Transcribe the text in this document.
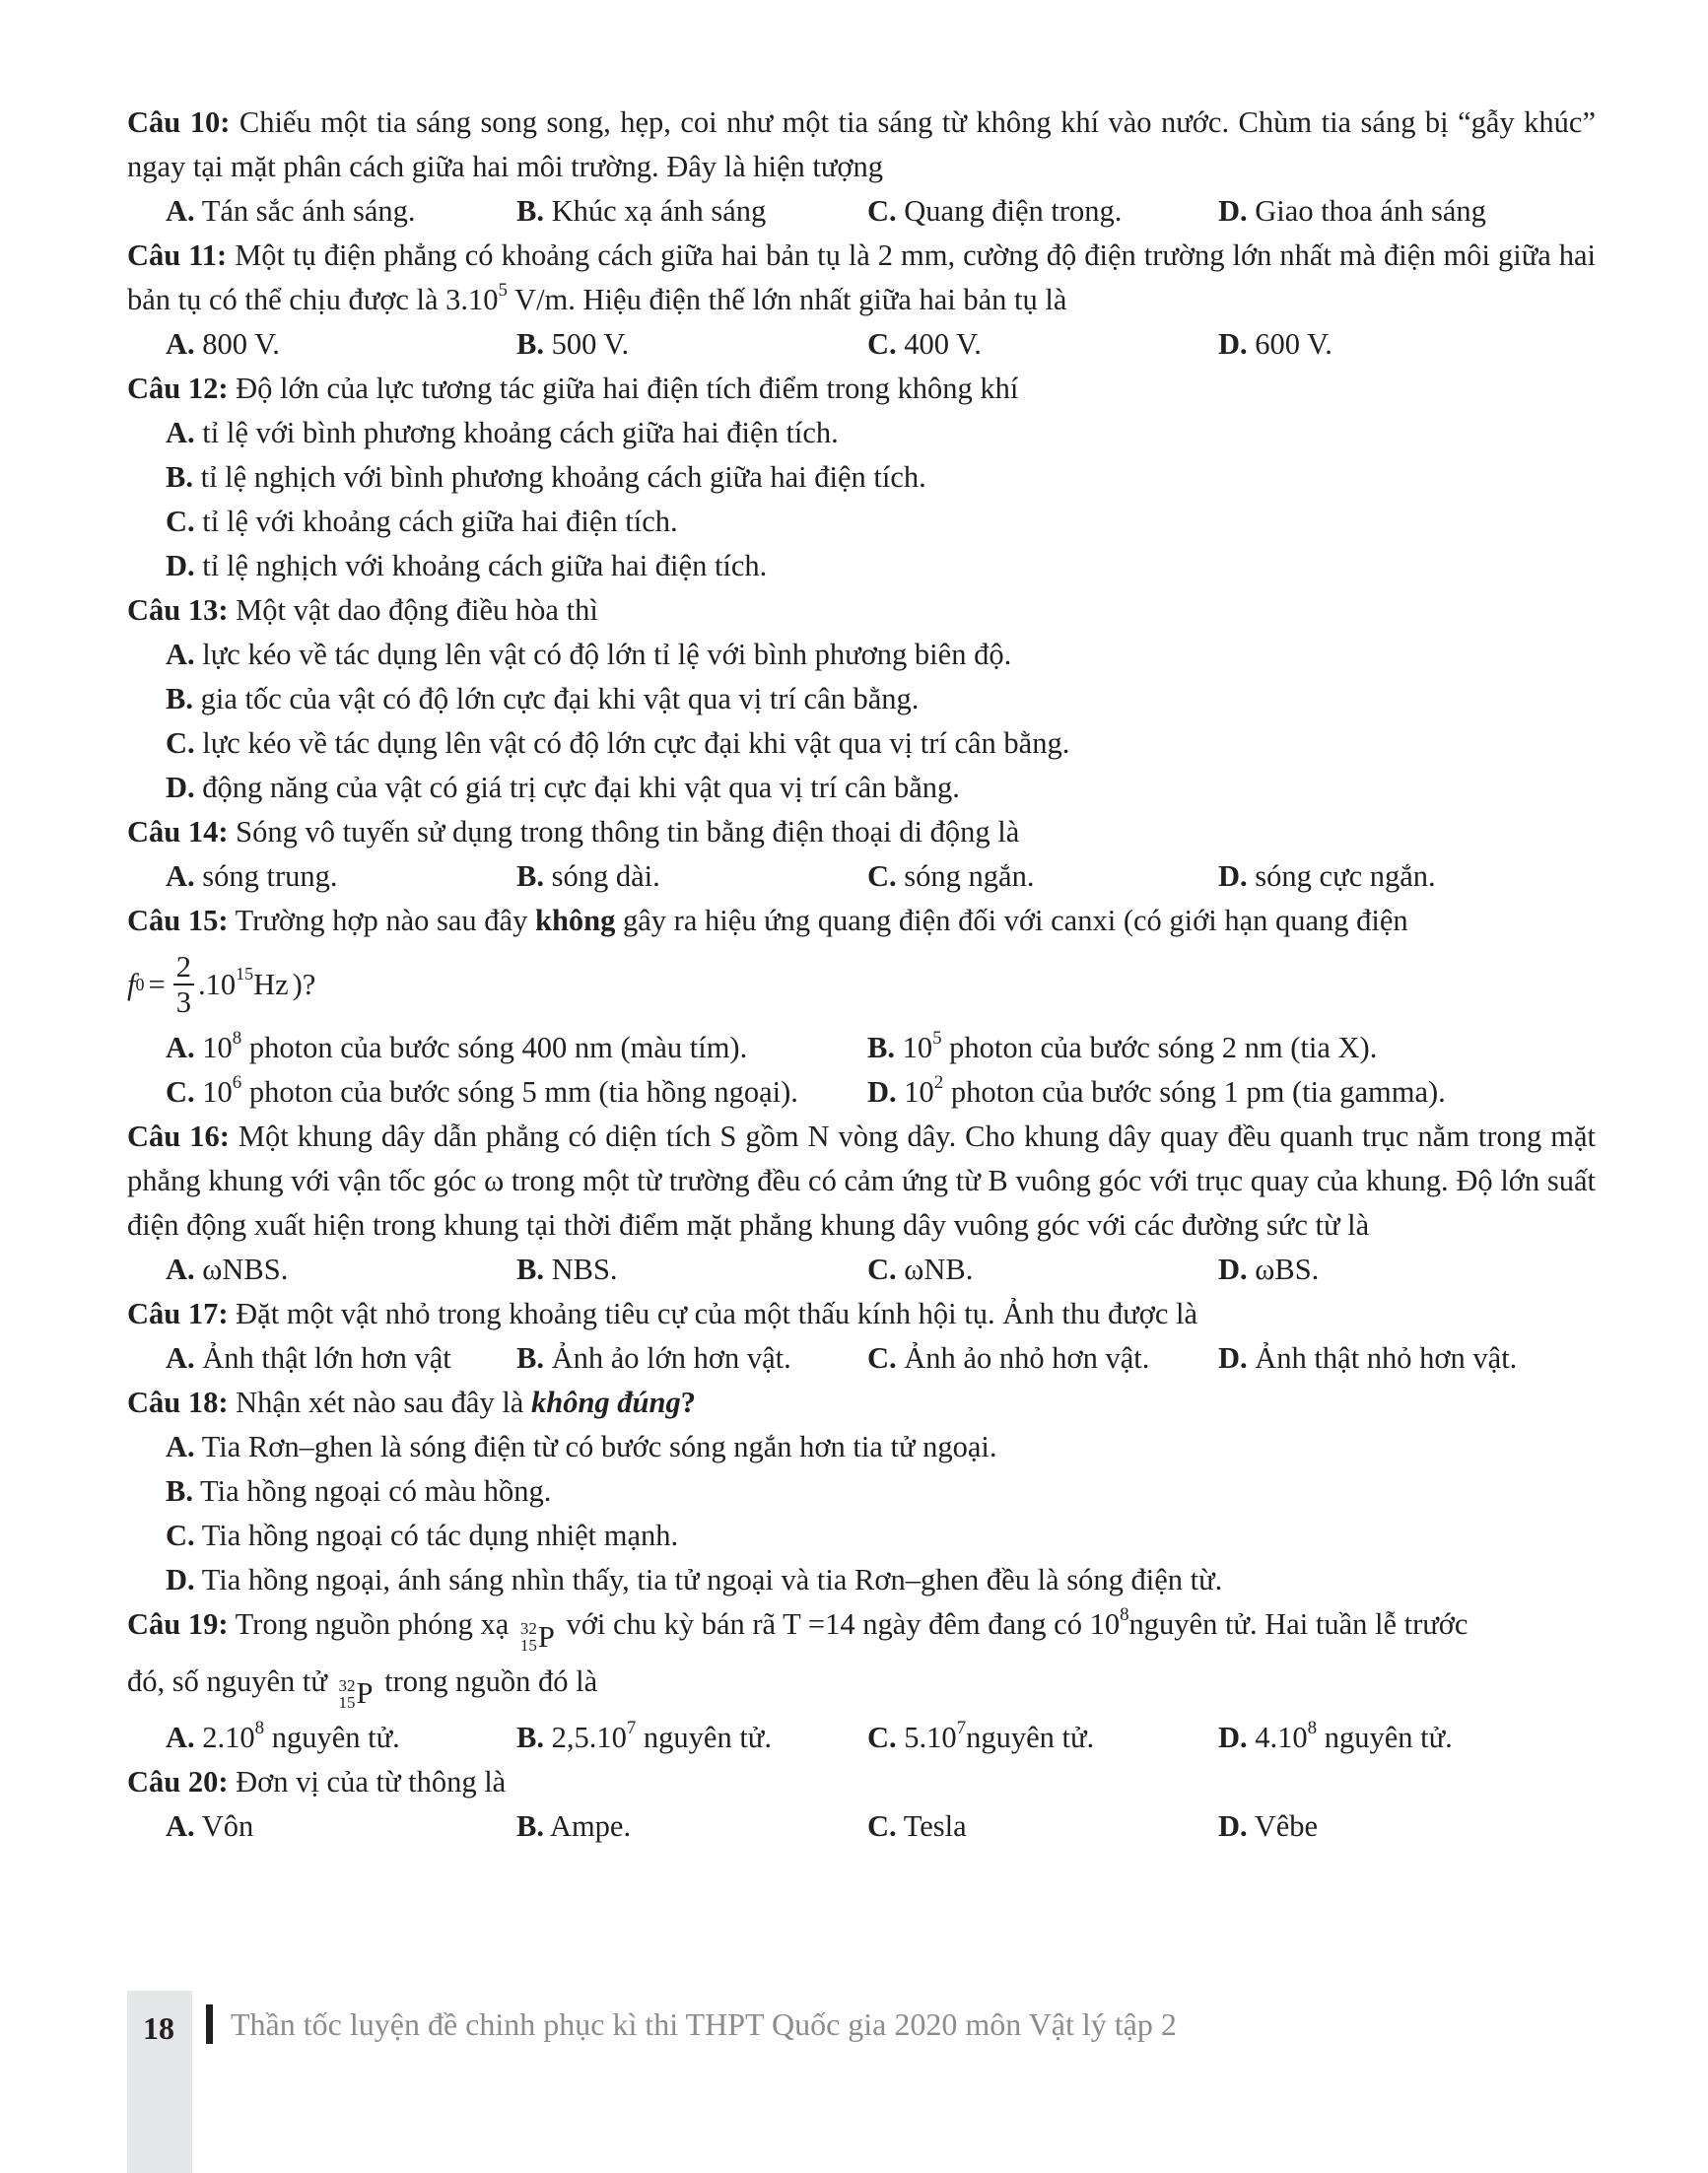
Câu 10: Chiếu một tia sáng song song, hẹp, coi như một tia sáng từ không khí vào nước. Chùm tia sáng bị “gẫy khúc” ngay tại mặt phân cách giữa hai môi trường. Đây là hiện tượng
A. Tán sắc ánh sáng.	B. Khúc xạ ánh sáng	C. Quang điện trong.	D. Giao thoa ánh sáng
Câu 11: Một tụ điện phẳng có khoảng cách giữa hai bản tụ là 2 mm, cường độ điện trường lớn nhất mà điện môi giữa hai bản tụ có thể chịu được là 3.10$^5$ V/m. Hiệu điện thế lớn nhất giữa hai bản tụ là
A. 800 V.	B. 500 V.	C. 400 V.	D. 600 V.
Câu 12: Độ lớn của lực tương tác giữa hai điện tích điểm trong không khí
A. tỉ lệ với bình phương khoảng cách giữa hai điện tích.
B. tỉ lệ nghịch với bình phương khoảng cách giữa hai điện tích.
C. tỉ lệ với khoảng cách giữa hai điện tích.
D. tỉ lệ nghịch với khoảng cách giữa hai điện tích.
Câu 13: Một vật dao động điều hòa thì
A. lực kéo về tác dụng lên vật có độ lớn tỉ lệ với bình phương biên độ.
B. gia tốc của vật có độ lớn cực đại khi vật qua vị trí cân bằng.
C. lực kéo về tác dụng lên vật có độ lớn cực đại khi vật qua vị trí cân bằng.
D. động năng của vật có giá trị cực đại khi vật qua vị trí cân bằng.
Câu 14: Sóng vô tuyến sử dụng trong thông tin bằng điện thoại di động là
A. sóng trung.	B. sóng dài.	C. sóng ngắn.	D. sóng cực ngắn.
Câu 15: Trường hợp nào sau đây không gây ra hiệu ứng quang điện đối với canxi (có giới hạn quang điện
f $0 = \frac{2}{3} .10^{15}$ Hz )?
A. $10^8$ photon của bước sóng 400 nm (màu tím).	B. $10^5$ photon của bước sóng 2 nm (tia X).
C. $10^6$ photon của bước sóng 5 mm (tia hồng ngoại).	D. $10^2$ photon của bước sóng 1 pm (tia gamma).
Câu 16: Một khung dây dẫn phẳng có diện tích S gồm N vòng dây. Cho khung dây quay đều quanh trục nằm trong mặt phẳng khung với vận tốc góc ω trong một từ trường đều có cảm ứng từ B vuông góc với trục quay của khung. Độ lớn suất điện động xuất hiện trong khung tại thời điểm mặt phẳng khung dây vuông góc với các đường sức từ là
A. ωNBS.	B. NBS.	C. ωNB.	D. ωBS.
Câu 17: Đặt một vật nhỏ trong khoảng tiêu cự của một thấu kính hội tụ. Ảnh thu được là
A. Ảnh thật lớn hơn vật	B. Ảnh ảo lớn hơn vật.	C. Ảnh ảo nhỏ hơn vật.	D. Ảnh thật nhỏ hơn vật.
Câu 18: Nhận xét nào sau đây là không đúng?
A. Tia Rơn–ghen là sóng điện từ có bước sóng ngắn hơn tia tử ngoại.
B. Tia hồng ngoại có màu hồng.
C. Tia hồng ngoại có tác dụng nhiệt mạnh.
D. Tia hồng ngoại, ánh sáng nhìn thấy, tia tử ngoại và tia Rơn–ghen đều là sóng điện từ.
Câu 19: Trong nguồn phóng xạ 32
15 P với chu kỳ bán rã T =14 ngày đêm đang có $10^8nguyên$ tử. Hai tuần lễ trước
đó, số nguyên tử 32
15 P trong nguồn đó là
A. 2.10$^8$ nguyên tử.	B. 2,5.10$^7$ nguyên tử.	C. 5.10$^7$nguyên tử.	D. 4.10$^8$ nguyên tử.
Câu 20: Đơn vị của từ thông là
A. Vôn	B. Ampe.	C. Tesla	D. Vêbe
18 Thần tốc luyện đề chinh phục kì thi THPT Quốc gia 2020 môn Vật lý tập 2
